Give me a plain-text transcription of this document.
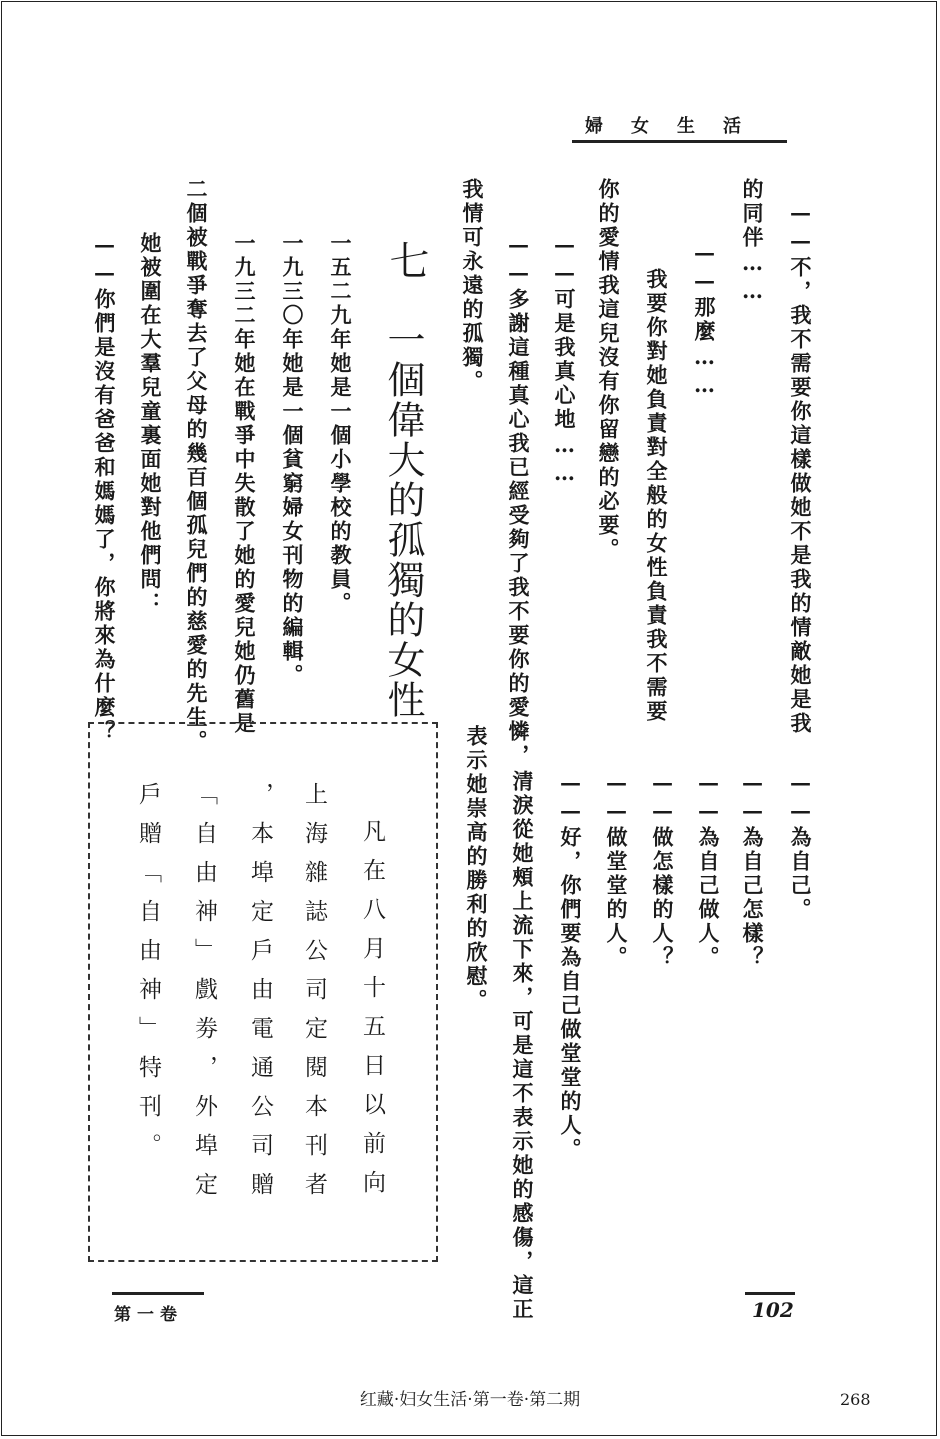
婦女生活
——不，我不需要你這樣做她不是我的情敵她是我
的同伴……
——那麼……
我要你對她負責對全般的女性負責我不需要
你的愛情我這兒沒有你留戀的必要。
——可是我真心地……
——多謝這種真心我已經受夠了我不要你的愛憐，
我情可永遠的孤獨。
——為自己。
——為自己怎樣？
——為自己做人。
——做怎樣的人？
——做堂堂的人。
——好，你們要為自己做堂堂的人。
清淚從她頰上流下來，可是這不表示她的感傷，這正
表示她崇高的勝利的欣慰。
七
一個偉大的孤獨的女性
一五二九年她是一個小學校的教員。
一九三〇年她是一個貧窮婦女刊物的編輯。
一九三二年她在戰爭中失散了她的愛兒她仍舊是
二個被戰爭奪去了父母的幾百個孤兒們的慈愛的先生。
她被圍在大羣兒童裏面她對他們問：
——你們是沒有爸爸和媽媽了，你將來為什麼？
凡在八月十五日以前向
上海雜誌公司定閱本刊者
，本埠定戶由電通公司贈
「自由神」戲劵，外埠定
戶贈「自由神」特刊。
第一卷	102
红藏·妇女生活·第一卷·第二期	268
